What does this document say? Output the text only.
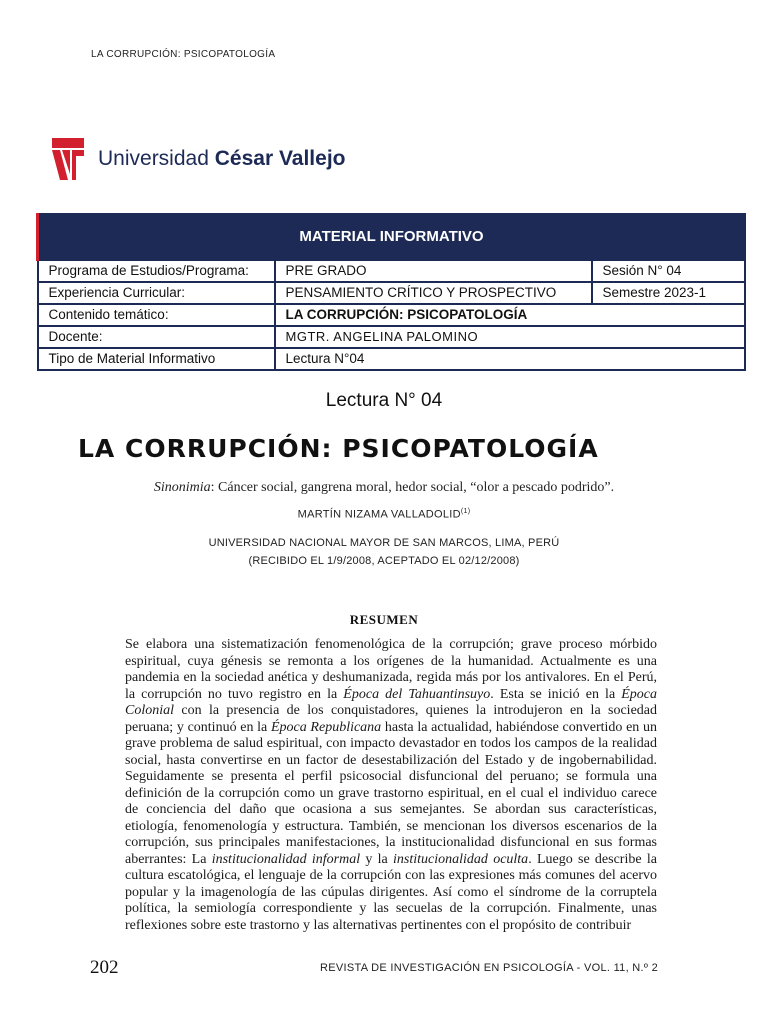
LA CORRUPCIÓN: PSICOPATOLOGÍA
Universidad César Vallejo
MATERIAL INFORMATIVO		
Programa de Estudios/Programa:	PRE GRADO	Sesión N° 04
Experiencia Curricular:	PENSAMIENTO CRÍTICO Y PROSPECTIVO	Semestre 2023-1
Contenido temático:	LA CORRUPCIÓN: PSICOPATOLOGÍA	
Docente:	MGTR. ANGELINA PALOMINO	
Tipo de Material Informativo	Lectura N°04	
Lectura N° 04
LA CORRUPCIÓN: PSICOPATOLOGÍA
Sinonimia: Cáncer social, gangrena moral, hedor social, “olor a pescado podrido”.
MARTÍN NIZAMA VALLADOLID$^{(1)}$
UNIVERSIDAD NACIONAL MAYOR DE SAN MARCOS, LIMA, PERÚ
(RECIBIDO EL 1/9/2008, ACEPTADO EL 02/12/2008)
RESUMEN

Se elabora una sistematización fenomenológica de la corrupción; grave proceso mórbido espiritual, cuya génesis se remonta a los orígenes de la humanidad. Actualmente es una pandemia en la sociedad anética y deshumanizada, regida más por los antivalores. En el Perú, la corrupción no tuvo registro en la Época del Tahuantinsuyo. Esta se inició en la Época Colonial con la presencia de los conquistadores, quienes la introdujeron en la sociedad peruana; y continuó en la Época Republicana hasta la actualidad, habiéndose convertido en un grave problema de salud espiritual, con impacto devastador en todos los campos de la realidad social, hasta convertirse en un factor de desestabilización del Estado y de ingobernabilidad. Seguidamente se presenta el perfil psicosocial disfuncional del peruano; se formula una definición de la corrupción como un grave trastorno espiritual, en el cual el individuo carece de conciencia del daño que ocasiona a sus semejantes. Se abordan sus características, etiología, fenomenología y estructura. También, se mencionan los diversos escenarios de la corrupción, sus principales manifestaciones, la institucionalidad disfuncional en sus formas aberrantes: La institucionalidad informal y la institucionalidad oculta. Luego se describe la cultura escatológica, el lenguaje de la corrupción con las expresiones más comunes del acervo popular y la imagenología de las cúpulas dirigentes. Así como el síndrome de la corruptela política, la semiología correspondiente y las secuelas de la corrupción. Finalmente, unas reflexiones sobre este trastorno y las alternativas pertinentes con el propósito de contribuir

202	REVISTA DE INVESTIGACIÓN EN PSICOLOGÍA - VOL. 11, N.º 2
